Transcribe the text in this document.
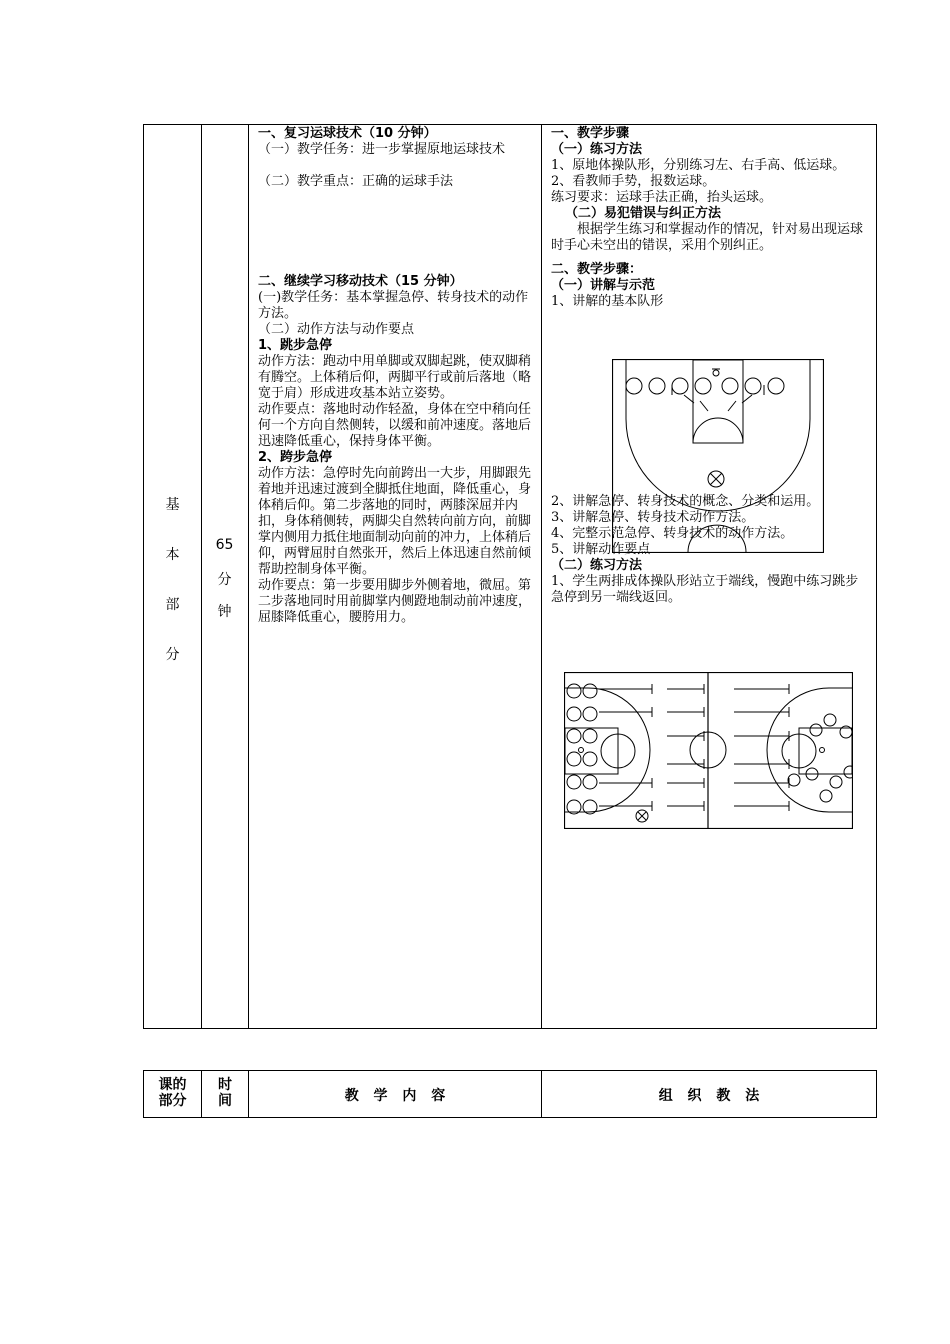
基
本
部
分
65
分
钟
一、复习运球技术（10 分钟）
（一）教学任务：进一步掌握原地运球技术
（二）教学重点：正确的运球手法
二、继续学习移动技术（15 分钟）
(一)教学任务：基本掌握急停、转身技术的动作方法。
（二）动作方法与动作要点
1、跳步急停
动作方法：跑动中用单脚或双脚起跳，使双脚稍有腾空。上体稍后仰，两脚平行或前后落地（略宽于肩）形成进攻基本站立姿势。
动作要点：落地时动作轻盈，身体在空中稍向任何一个方向自然侧转，以缓和前冲速度。落地后迅速降低重心，保持身体平衡。
2、跨步急停
动作方法：急停时先向前跨出一大步，用脚跟先着地并迅速过渡到全脚抵住地面，降低重心，身体稍后仰。第二步落地的同时，两膝深屈并内扣，身体稍侧转，两脚尖自然转向前方向，前脚掌内侧用力抵住地面制动向前的冲力，上体稍后仰，两臂屈肘自然张开，然后上体迅速自然前倾帮助控制身体平衡。
动作要点：第一步要用脚步外侧着地，微屈。第二步落地同时用前脚掌内侧蹬地制动前冲速度，屈膝降低重心，腰胯用力。
一、教学步骤
（一）练习方法
1、原地体操队形，分别练习左、右手高、低运球。
2、看教师手势，报数运球。
练习要求：运球手法正确，抬头运球。
（二）易犯错误与纠正方法
根据学生练习和掌握动作的情况，针对易出现运球时手心未空出的错误，采用个别纠正。
二、教学步骤：
（一）讲解与示范
1、讲解的基本队形
2、讲解急停、转身技术的概念、分类和运用。
3、讲解急停、转身技术动作方法。
4、完整示范急停、转身技术的动作方法。
5、讲解动作要点
（二）练习方法
1、学生两排成体操队形站立于端线，慢跑中练习跳步急停到另一端线返回。
课的
部分
时
间	教 学 内 容	组 织 教 法
